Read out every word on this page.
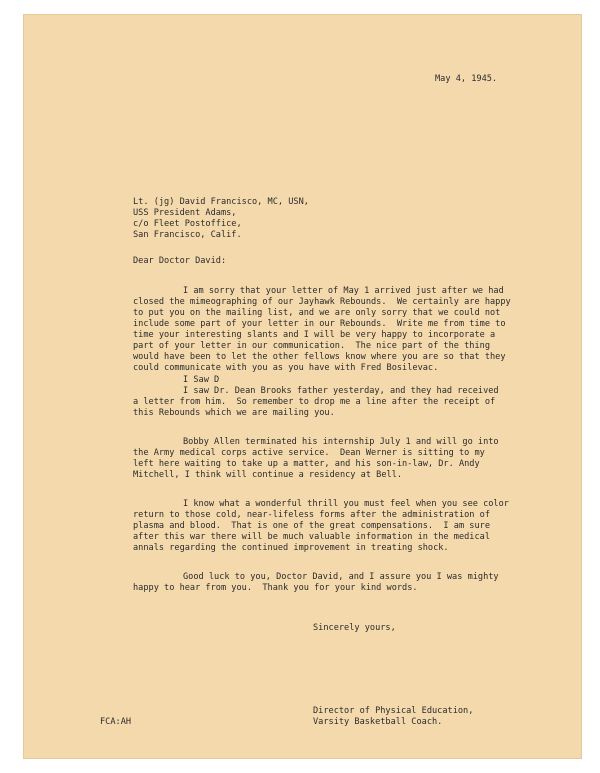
May 4, 1945.
Lt. (jg) David Francisco, MC, USN,
USS President Adams,
c/o Fleet Postoffice,
San Francisco, Calif.
Dear Doctor David:
I am sorry that your letter of May 1 arrived just after we had
closed the mimeographing of our Jayhawk Rebounds.  We certainly are happy
to put you on the mailing list, and we are only sorry that we could not
include some part of your letter in our Rebounds.  Write me from time to
time your interesting slants and I will be very happy to incorporate a
part of your letter in our communication.  The nice part of the thing
would have been to let the other fellows know where you are so that they
could communicate with you as you have with Fred Bosilevac.
I Saw D
I saw Dr. Dean Brooks father yesterday, and they had received
a letter from him.  So remember to drop me a line after the receipt of
this Rebounds which we are mailing you.
Bobby Allen terminated his internship July 1 and will go into
the Army medical corps active service.  Dean Werner is sitting to my
left here waiting to take up a matter, and his son-in-law, Dr. Andy
Mitchell, I think will continue a residency at Bell.
I know what a wonderful thrill you must feel when you see color
return to those cold, near-lifeless forms after the administration of
plasma and blood.  That is one of the great compensations.  I am sure
after this war there will be much valuable information in the medical
annals regarding the continued improvement in treating shock.
Good luck to you, Doctor David, and I assure you I was mighty
happy to hear from you.  Thank you for your kind words.
Sincerely yours,
Director of Physical Education,
Varsity Basketball Coach.
FCA:AH
